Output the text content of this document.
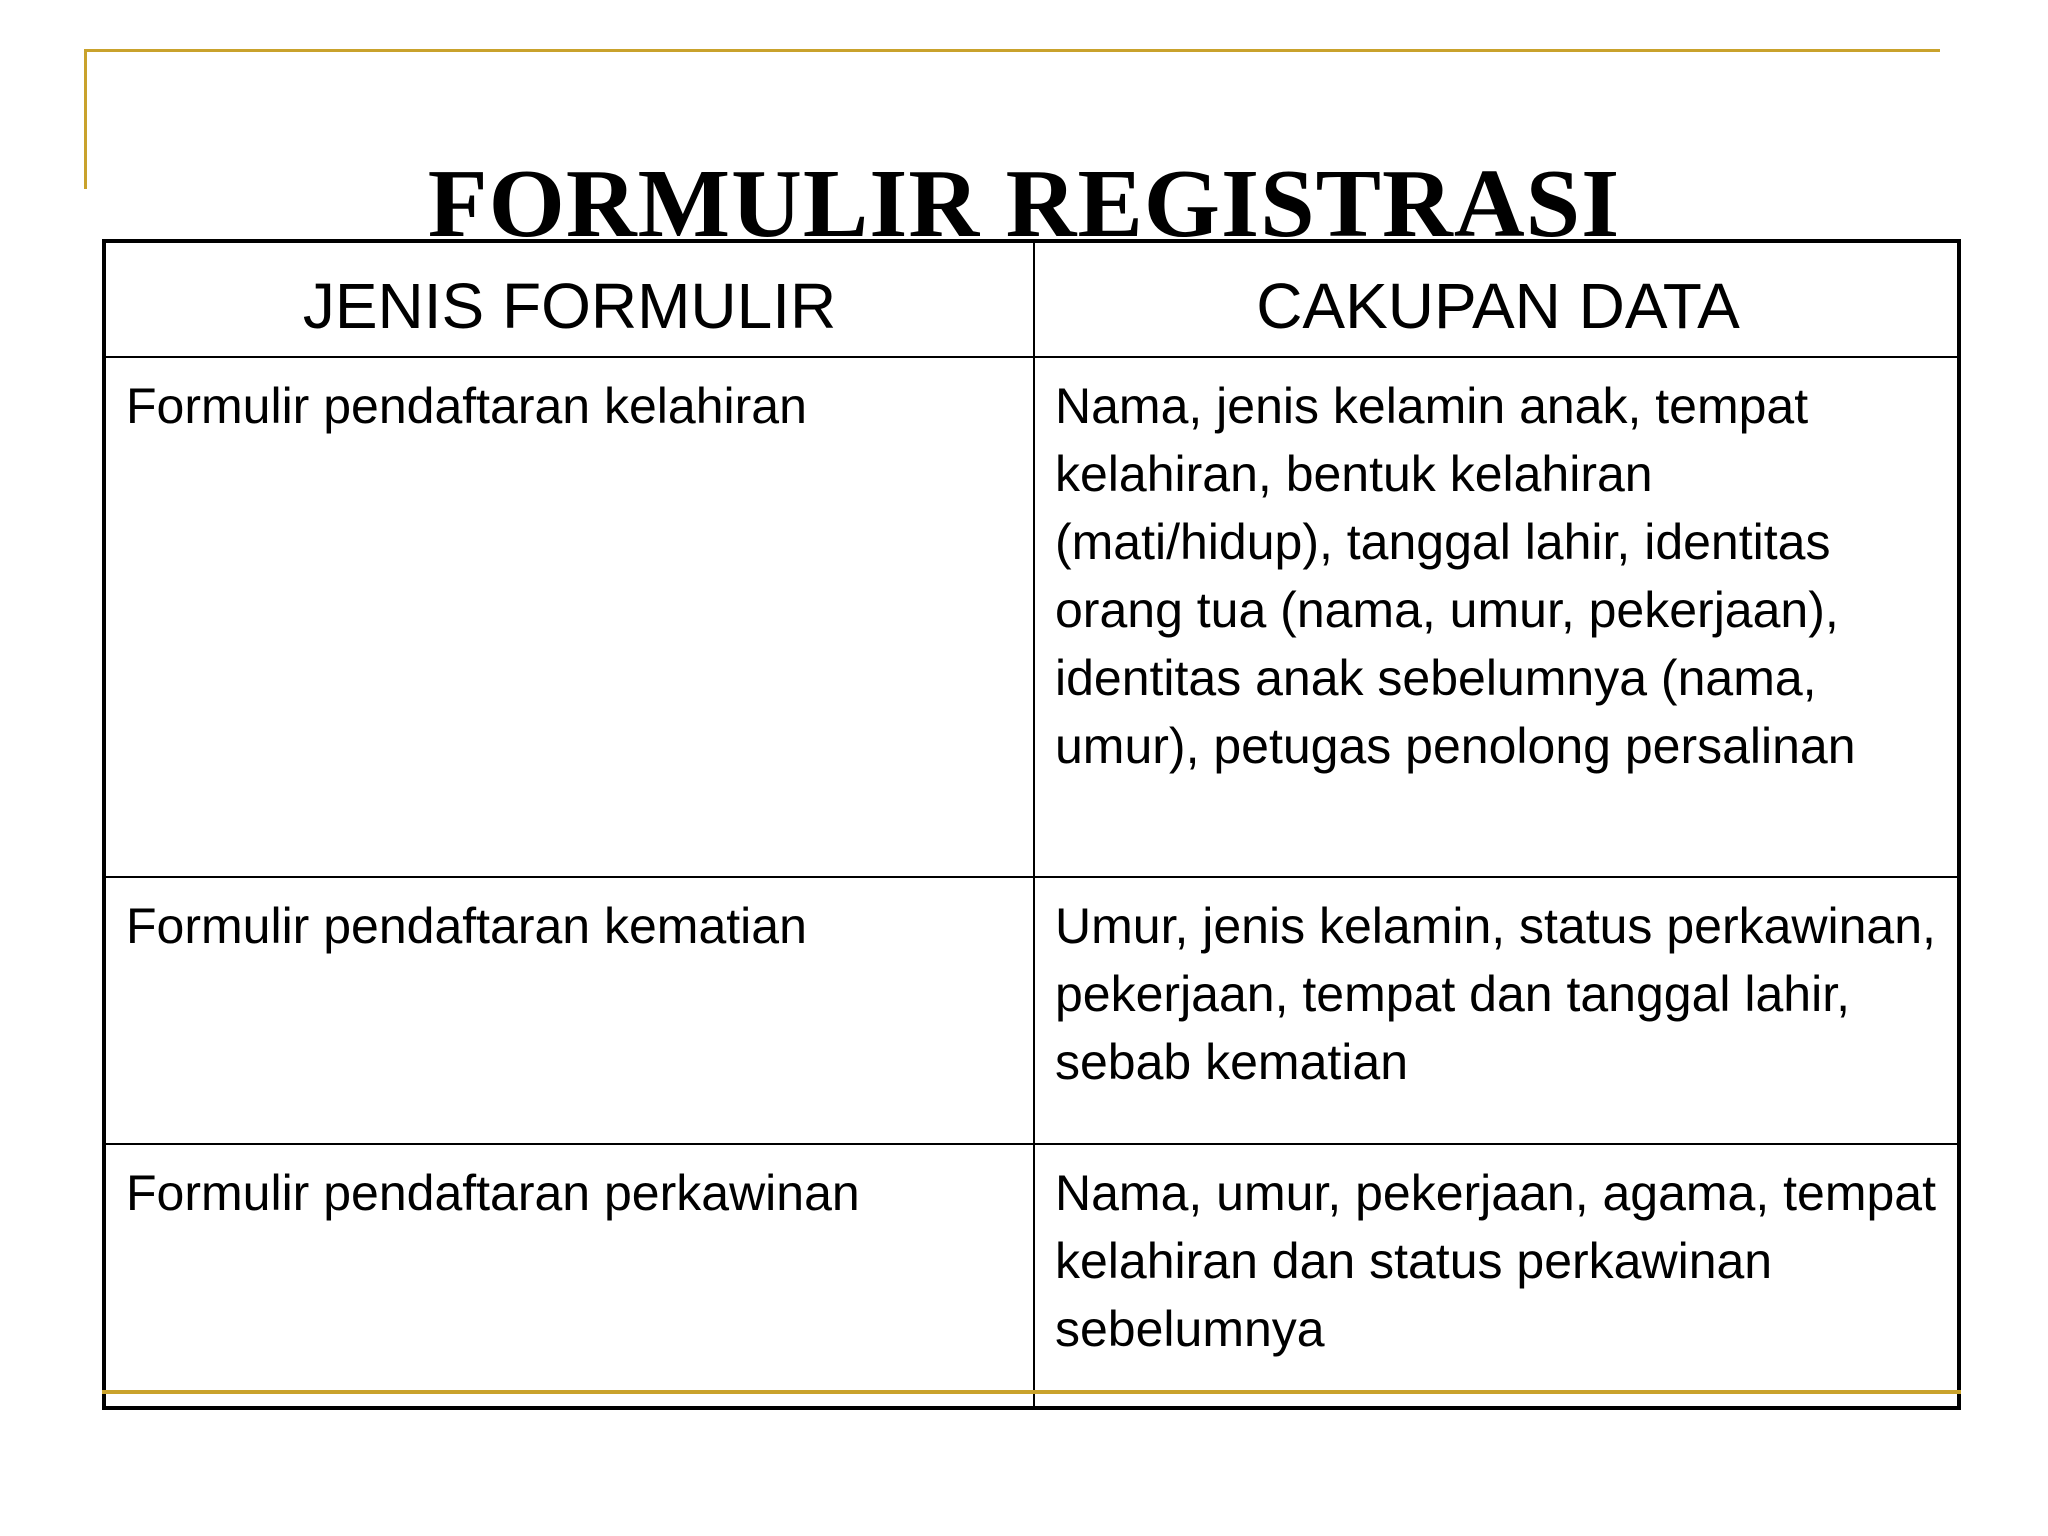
FORMULIR REGISTRASI
JENIS FORMULIR	CAKUPAN DATA
Formulir pendaftaran kelahiran	Nama, jenis kelamin anak, tempat kelahiran, bentuk kelahiran (mati/hidup), tanggal lahir, identitas orang tua (nama, umur, pekerjaan), identitas anak sebelumnya (nama, umur), petugas penolong persalinan
Formulir pendaftaran kematian	Umur, jenis kelamin, status perkawinan, pekerjaan, tempat dan tanggal lahir, sebab kematian
Formulir pendaftaran perkawinan	Nama, umur, pekerjaan, agama, tempat kelahiran dan status perkawinan sebelumnya
